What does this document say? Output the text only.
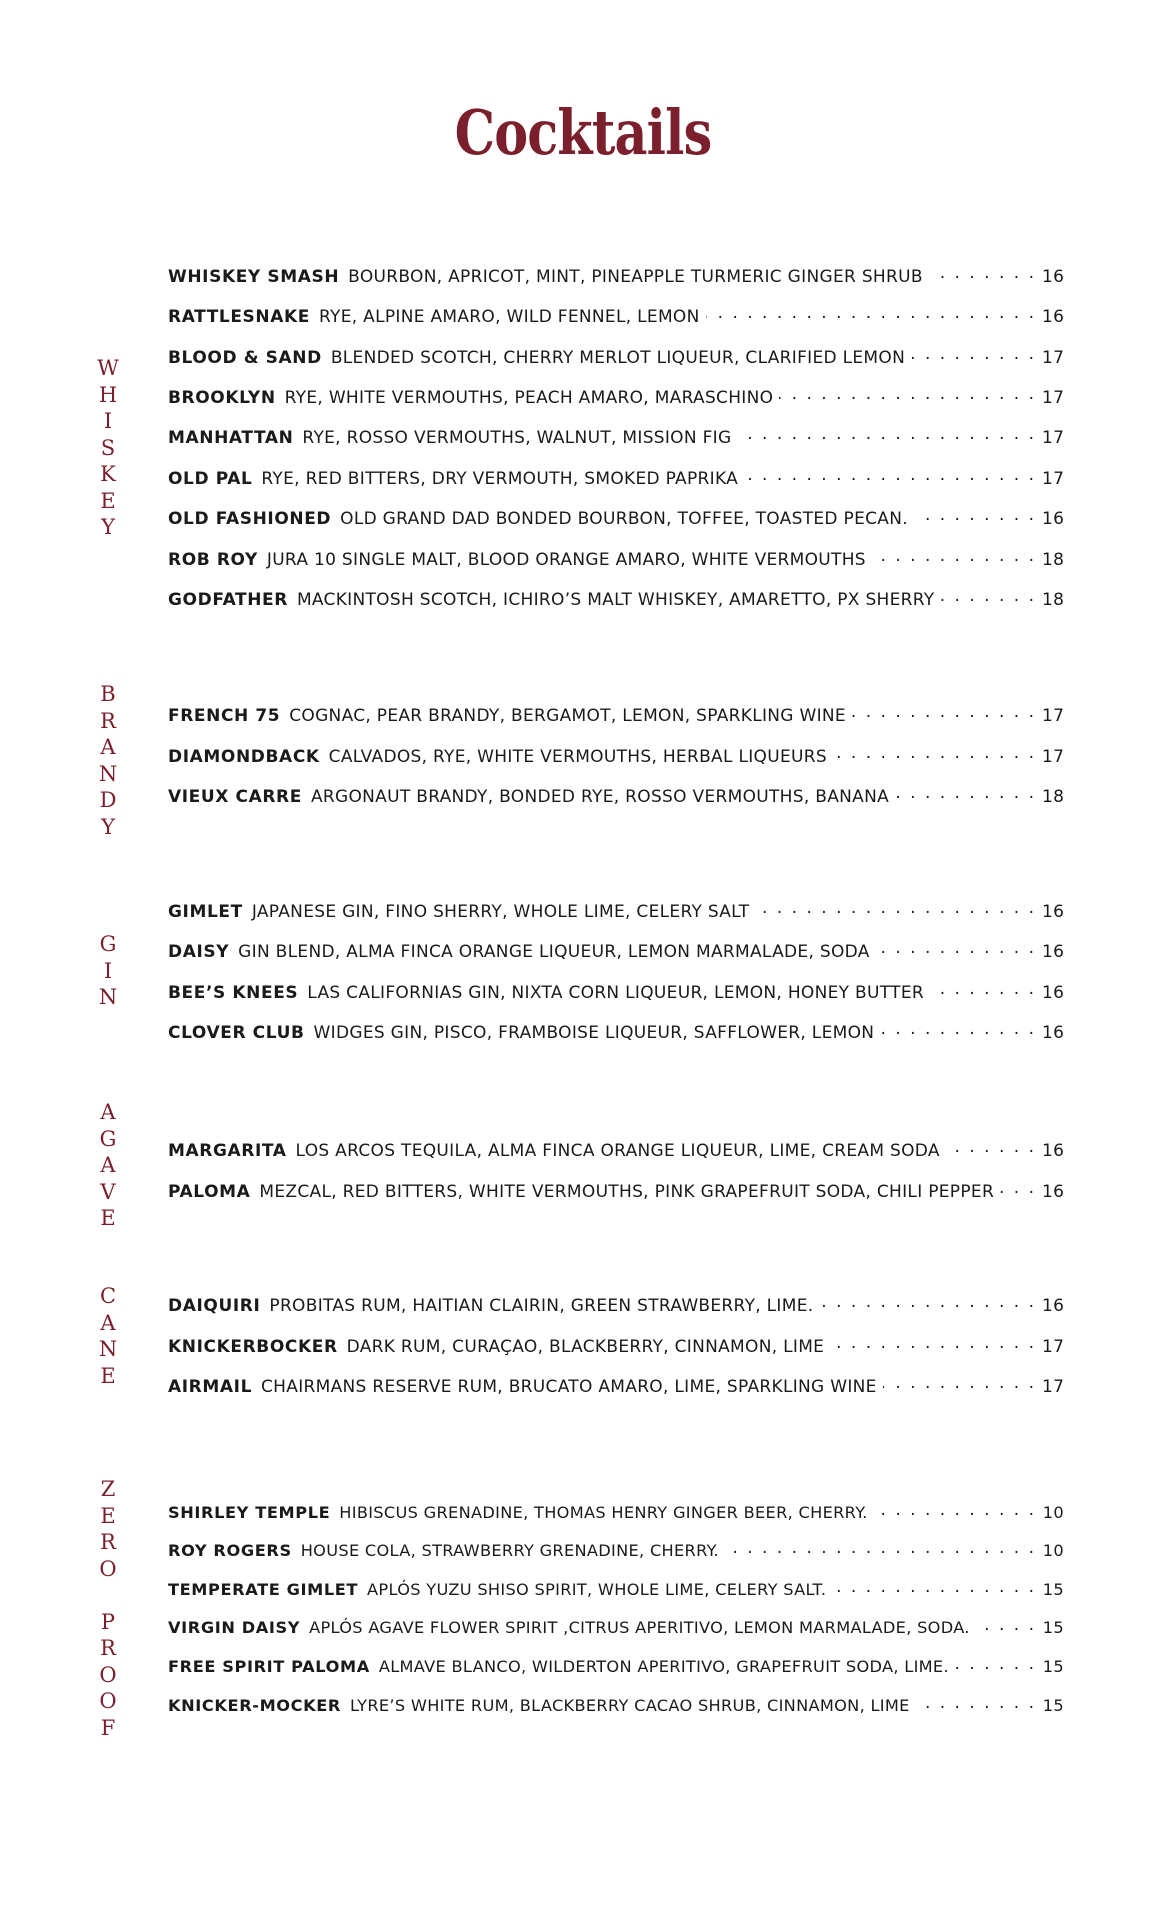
Cocktails
W
H
I
S
K
E
Y
WHISKEY SMASH BOURBON, APRICOT, MINT, PINEAPPLE TURMERIC GINGER SHRUB . . .	16
RATTLESNAKE RYE, ALPINE AMARO, WILD FENNEL, LEMON . . .	16
BLOOD & SAND BLENDED SCOTCH, CHERRY MERLOT LIQUEUR, CLARIFIED LEMON . . .	17
BROOKLYN RYE, WHITE VERMOUTHS, PEACH AMARO, MARASCHINO . . .	17
MANHATTAN RYE, ROSSO VERMOUTHS, WALNUT, MISSION FIG . . .	17
OLD PAL RYE, RED BITTERS, DRY VERMOUTH, SMOKED PAPRIKA . . .	17
OLD FASHIONED OLD GRAND DAD BONDED BOURBON, TOFFEE, TOASTED PECAN. . . .	16
ROB ROY JURA 10 SINGLE MALT, BLOOD ORANGE AMARO, WHITE VERMOUTHS . . .	18
GODFATHER MACKINTOSH SCOTCH, ICHIRO’S MALT WHISKEY, AMARETTO, PX SHERRY . . .	18
B
R
A
N
D
Y
FRENCH 75 COGNAC, PEAR BRANDY, BERGAMOT, LEMON, SPARKLING WINE . . .	17
DIAMONDBACK CALVADOS, RYE, WHITE VERMOUTHS, HERBAL LIQUEURS . . .	17
VIEUX CARRE ARGONAUT BRANDY, BONDED RYE, ROSSO VERMOUTHS, BANANA . . .	18
G
I
N
GIMLET JAPANESE GIN, FINO SHERRY, WHOLE LIME, CELERY SALT . . .	16
DAISY GIN BLEND, ALMA FINCA ORANGE LIQUEUR, LEMON MARMALADE, SODA . . .	16
BEE’S KNEES LAS CALIFORNIAS GIN, NIXTA CORN LIQUEUR, LEMON, HONEY BUTTER . . .	16
CLOVER CLUB WIDGES GIN, PISCO, FRAMBOISE LIQUEUR, SAFFLOWER, LEMON . . .	16
A
G
A
V
E
MARGARITA LOS ARCOS TEQUILA, ALMA FINCA ORANGE LIQUEUR, LIME, CREAM SODA . . .	16
PALOMA MEZCAL, RED BITTERS, WHITE VERMOUTHS, PINK GRAPEFRUIT SODA, CHILI PEPPER . . .	16
C
A
N
E
DAIQUIRI PROBITAS RUM, HAITIAN CLAIRIN, GREEN STRAWBERRY, LIME. . . .	16
KNICKERBOCKER DARK RUM, CURAÇAO, BLACKBERRY, CINNAMON, LIME . . .	17
AIRMAIL CHAIRMANS RESERVE RUM, BRUCATO AMARO, LIME, SPARKLING WINE . . .	17
Z
E
R
O

P
R
O
O
F
SHIRLEY TEMPLE HIBISCUS GRENADINE, THOMAS HENRY GINGER BEER, CHERRY. . . .	10
ROY ROGERS HOUSE COLA, STRAWBERRY GRENADINE, CHERRY. . . .	10
TEMPERATE GIMLET APLÓS YUZU SHISO SPIRIT, WHOLE LIME, CELERY SALT. . . .	15
VIRGIN DAISY APLÓS AGAVE FLOWER SPIRIT ,CITRUS APERITIVO, LEMON MARMALADE, SODA. . . .	15
FREE SPIRIT PALOMA ALMAVE BLANCO, WILDERTON APERITIVO, GRAPEFRUIT SODA, LIME. . . .	15
KNICKER-MOCKER LYRE’S WHITE RUM, BLACKBERRY CACAO SHRUB, CINNAMON, LIME . . .	15
